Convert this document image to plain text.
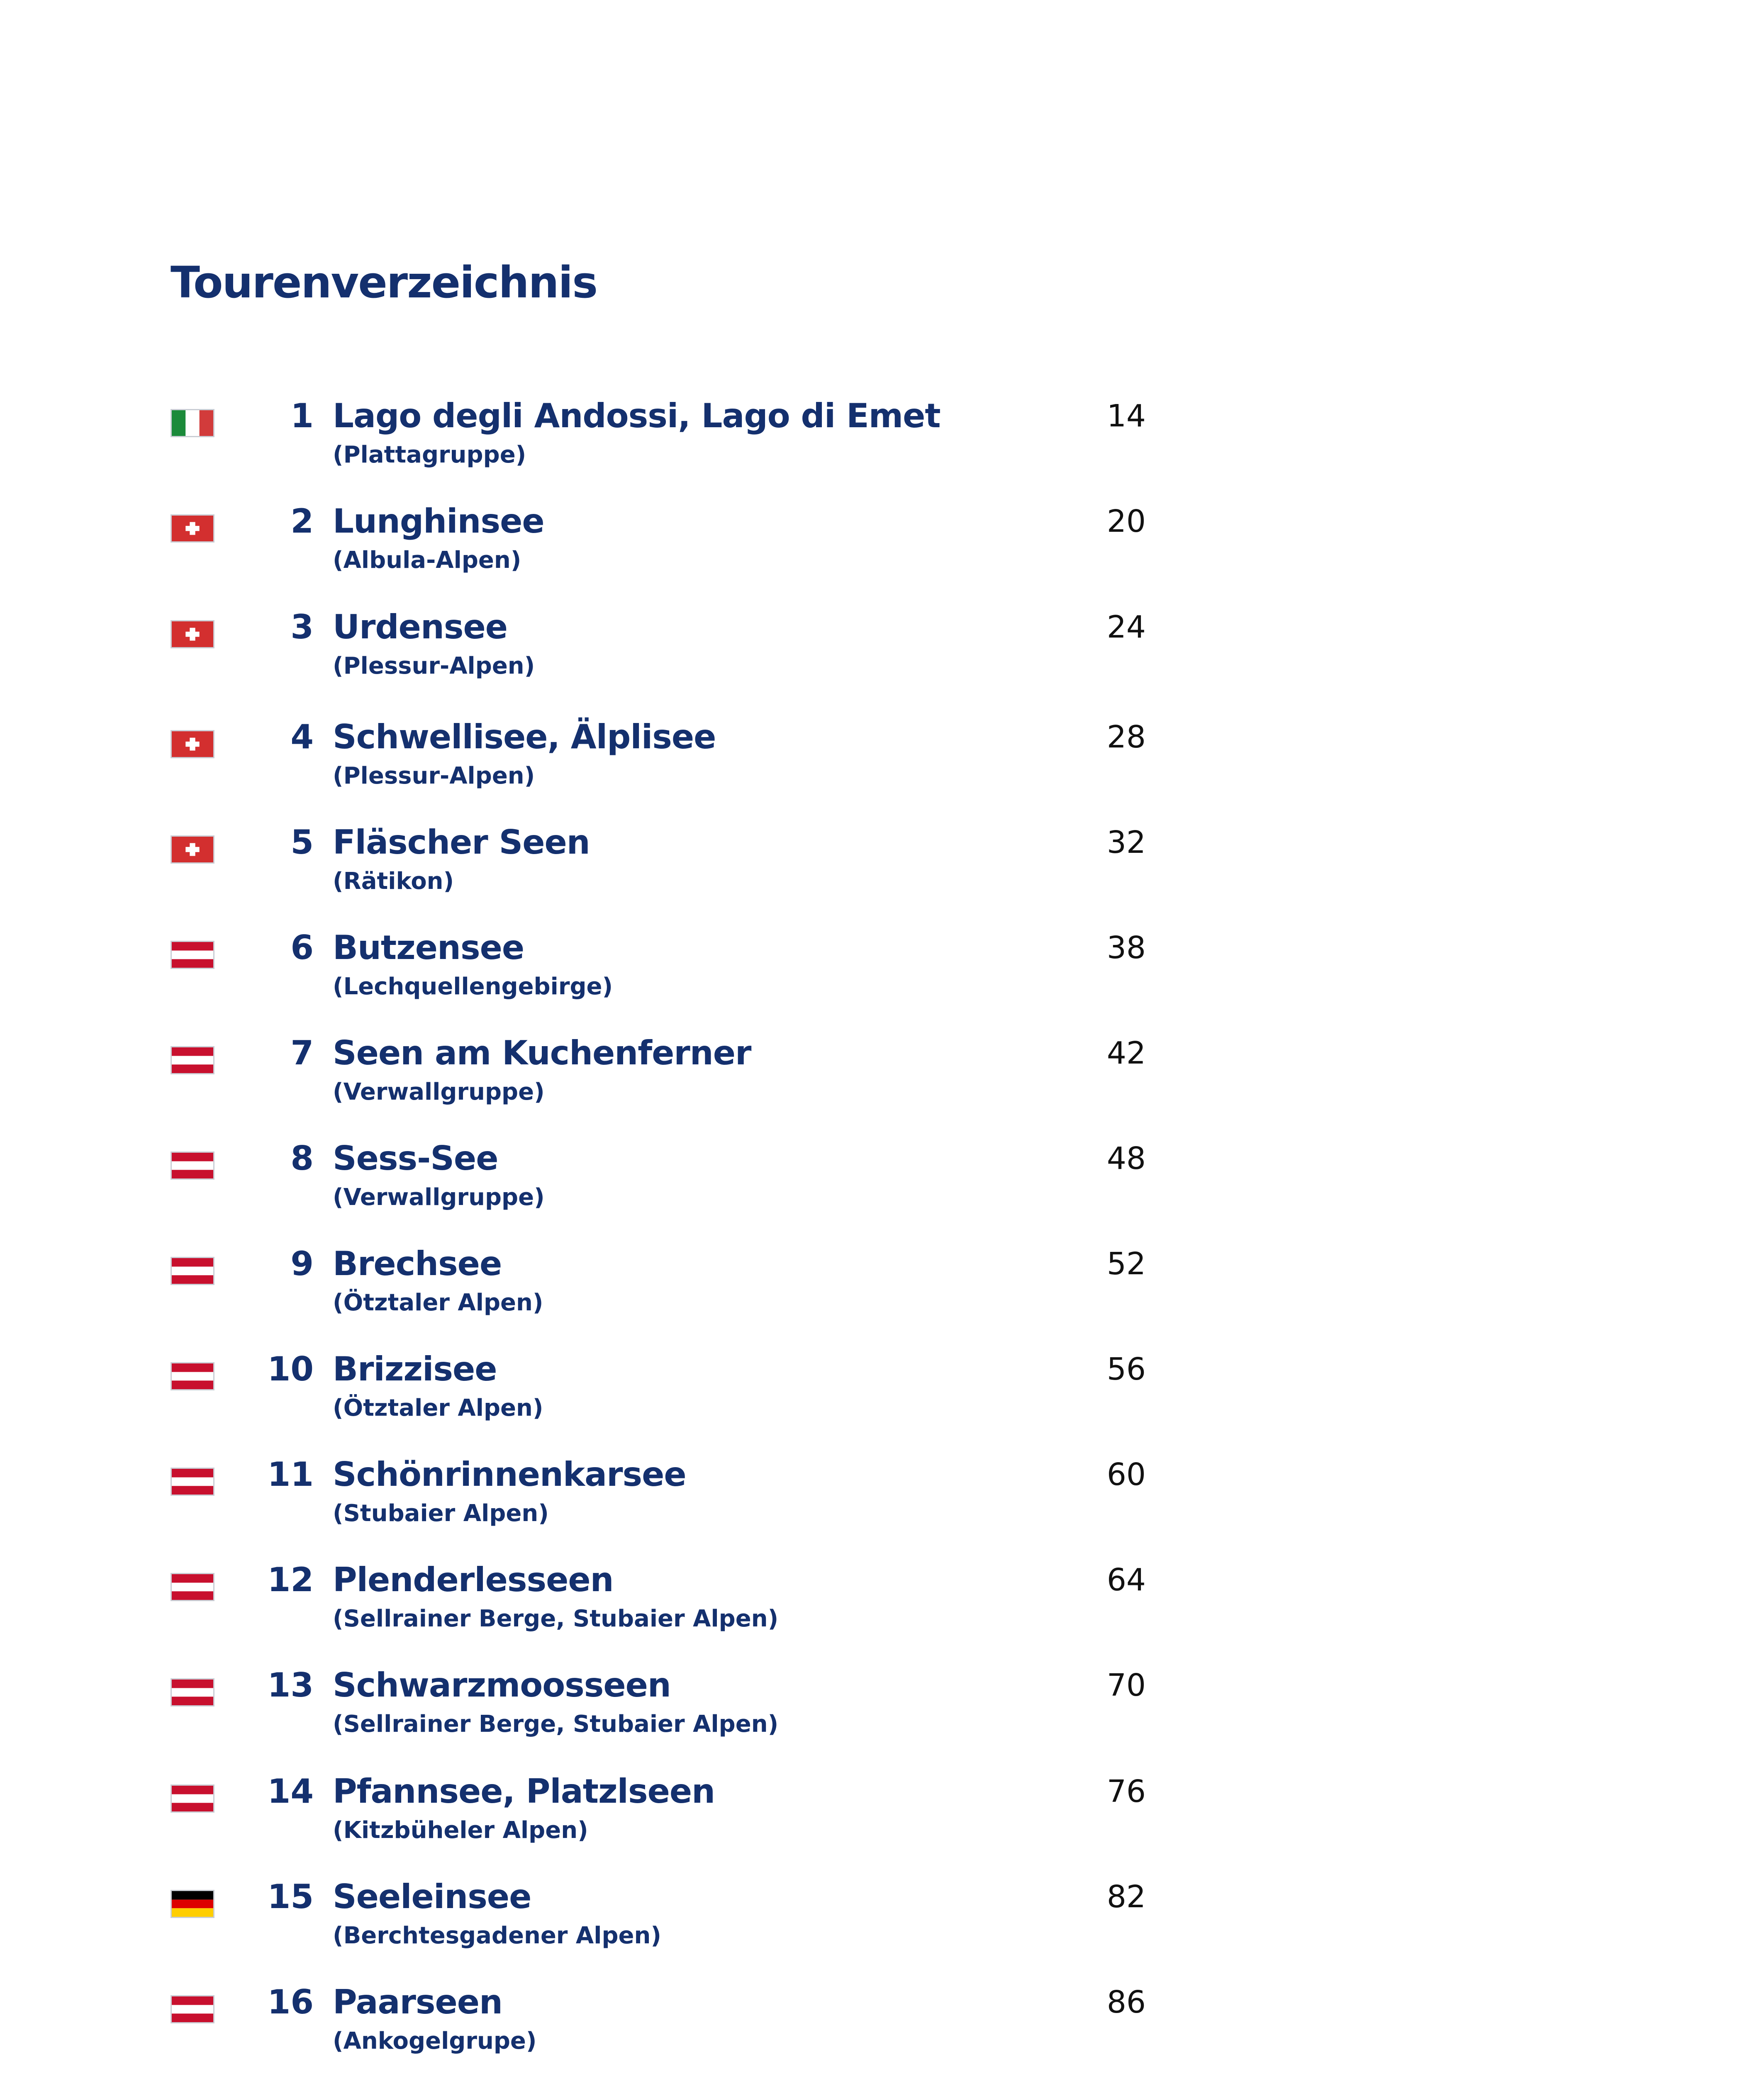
Tourenverzeichnis
1 Lago degli Andossi, Lago di Emet
(Plattagruppe)
14
2 Lunghinsee
(Albula-Alpen)
20
3 Urdensee
(Plessur-Alpen)
24
4 Schwellisee, Älplisee
(Plessur-Alpen)
28
5 Fläscher Seen
(Rätikon)
32
6 Butzensee
(Lechquellengebirge)
38
7 Seen am Kuchenferner
(Verwallgruppe)
42
8 Sess-See
(Verwallgruppe)
48
9 Brechsee
(Ötztaler Alpen)
52
10 Brizzisee
(Ötztaler Alpen)
56
11 Schönrinnenkarsee
(Stubaier Alpen)
60
12 Plenderlesseen
(Sellrainer Berge, Stubaier Alpen)
64
13 Schwarzmoosseen
(Sellrainer Berge, Stubaier Alpen)
70
14 Pfannsee, Platzlseen
(Kitzbüheler Alpen)
76
15 Seeleinsee
(Berchtesgadener Alpen)
82
16 Paarseen
(Ankogelgrupe)
86
